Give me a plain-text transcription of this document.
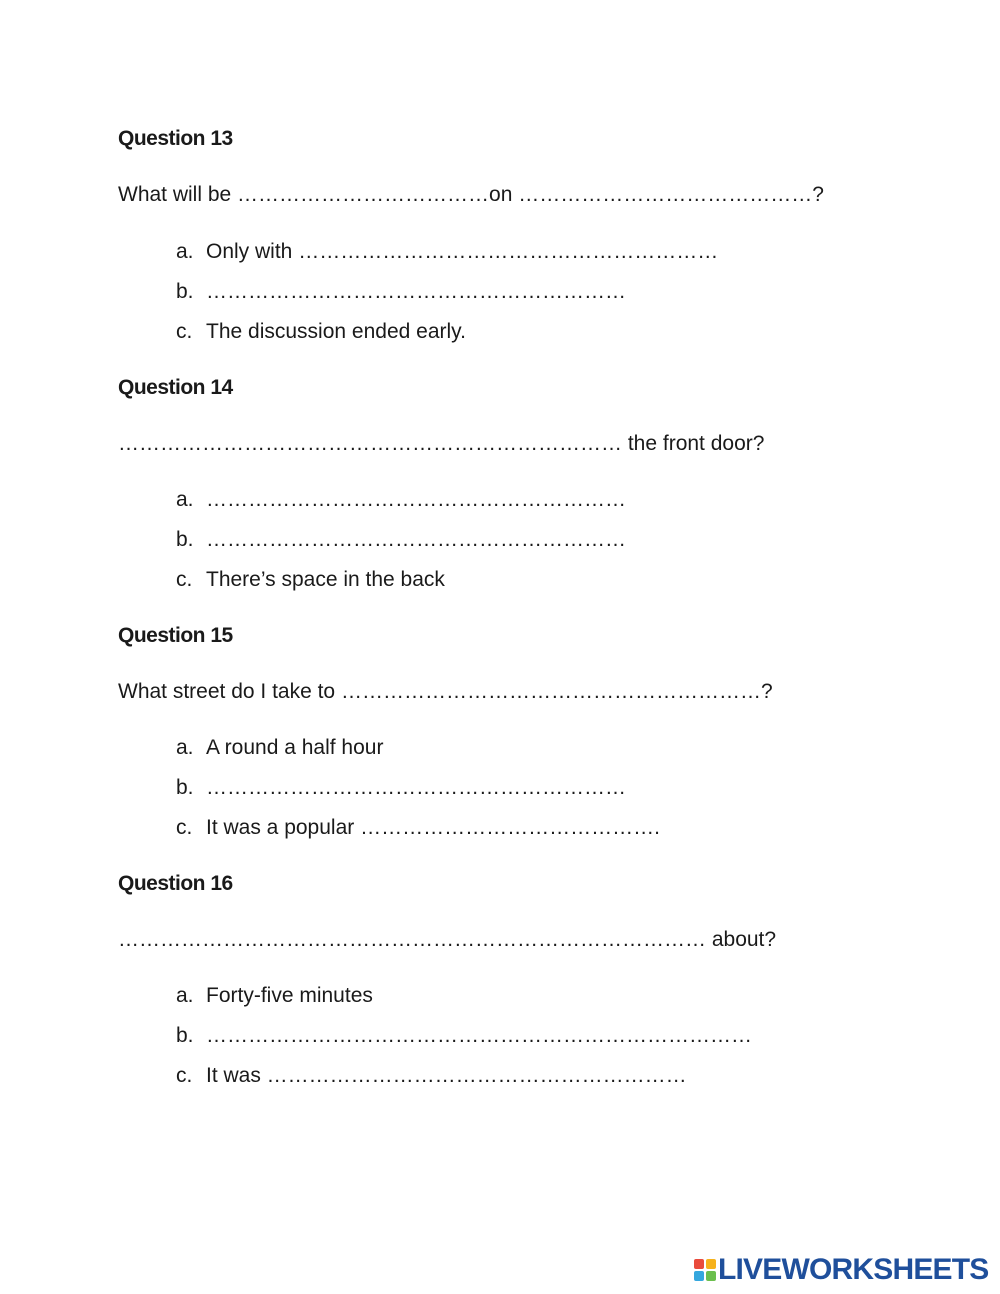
Question 13
What will be ………………………………on ……………………………………?
a. Only with ……………………………………………………
b. ……………………………………………………
c. The discussion ended early.
Question 14
……………………………………………………………… the front door?
a. ……………………………………………………
b. ……………………………………………………
c. There’s space in the back
Question 15
What street do I take to ……………………………………………………?
a. A round a half hour
b. ……………………………………………………
c. It was a popular …………………………………….
Question 16
………………………………………………………………………… about?
a. Forty-five minutes
b. ……………………………………………………………………
c. It was ……………………………………………………
LIVEWORKSHEETS
